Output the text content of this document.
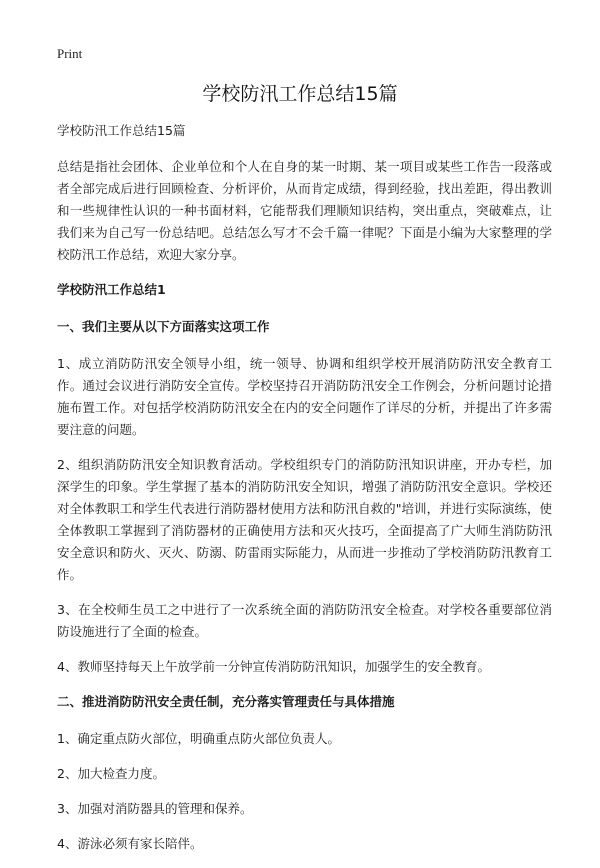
Print
学校防汛工作总结15篇

学校防汛工作总结15篇

总结是指社会团体、企业单位和个人在自身的某一时期、某一项目或某些工作告一段落或者全部完成后进行回顾检查、分析评价，从而肯定成绩，得到经验，找出差距，得出教训和一些规律性认识的一种书面材料，它能帮我们理顺知识结构，突出重点，突破难点，让我们来为自己写一份总结吧。总结怎么写才不会千篇一律呢？下面是小编为大家整理的学校防汛工作总结，欢迎大家分享。

学校防汛工作总结1

一、我们主要从以下方面落实这项工作

1、成立消防防汛安全领导小组，统一领导、协调和组织学校开展消防防汛安全教育工作。通过会议进行消防安全宣传。学校坚持召开消防防汛安全工作例会，分析问题讨论措施布置工作。对包括学校消防防汛安全在内的安全问题作了详尽的分析，并提出了许多需要注意的问题。

2、组织消防防汛安全知识教育活动。学校组织专门的消防防汛知识讲座，开办专栏，加深学生的印象。学生掌握了基本的消防防汛安全知识，增强了消防防汛安全意识。学校还对全体教职工和学生代表进行消防器材使用方法和防汛自救的"培训，并进行实际演练，使全体教职工掌握到了消防器材的正确使用方法和灭火技巧，全面提高了广大师生消防防汛安全意识和防火、灭火、防溺、防雷雨实际能力，从而进一步推动了学校消防防汛教育工作。

3、在全校师生员工之中进行了一次系统全面的消防防汛安全检查。对学校各重要部位消防设施进行了全面的检查。

4、教师坚持每天上午放学前一分钟宣传消防防汛知识，加强学生的安全教育。

二、推进消防防汛安全责任制，充分落实管理责任与具体措施

1、确定重点防火部位，明确重点防火部位负责人。

2、加大检查力度。

3、加强对消防器具的管理和保养。

4、游泳必须有家长陪伴。
